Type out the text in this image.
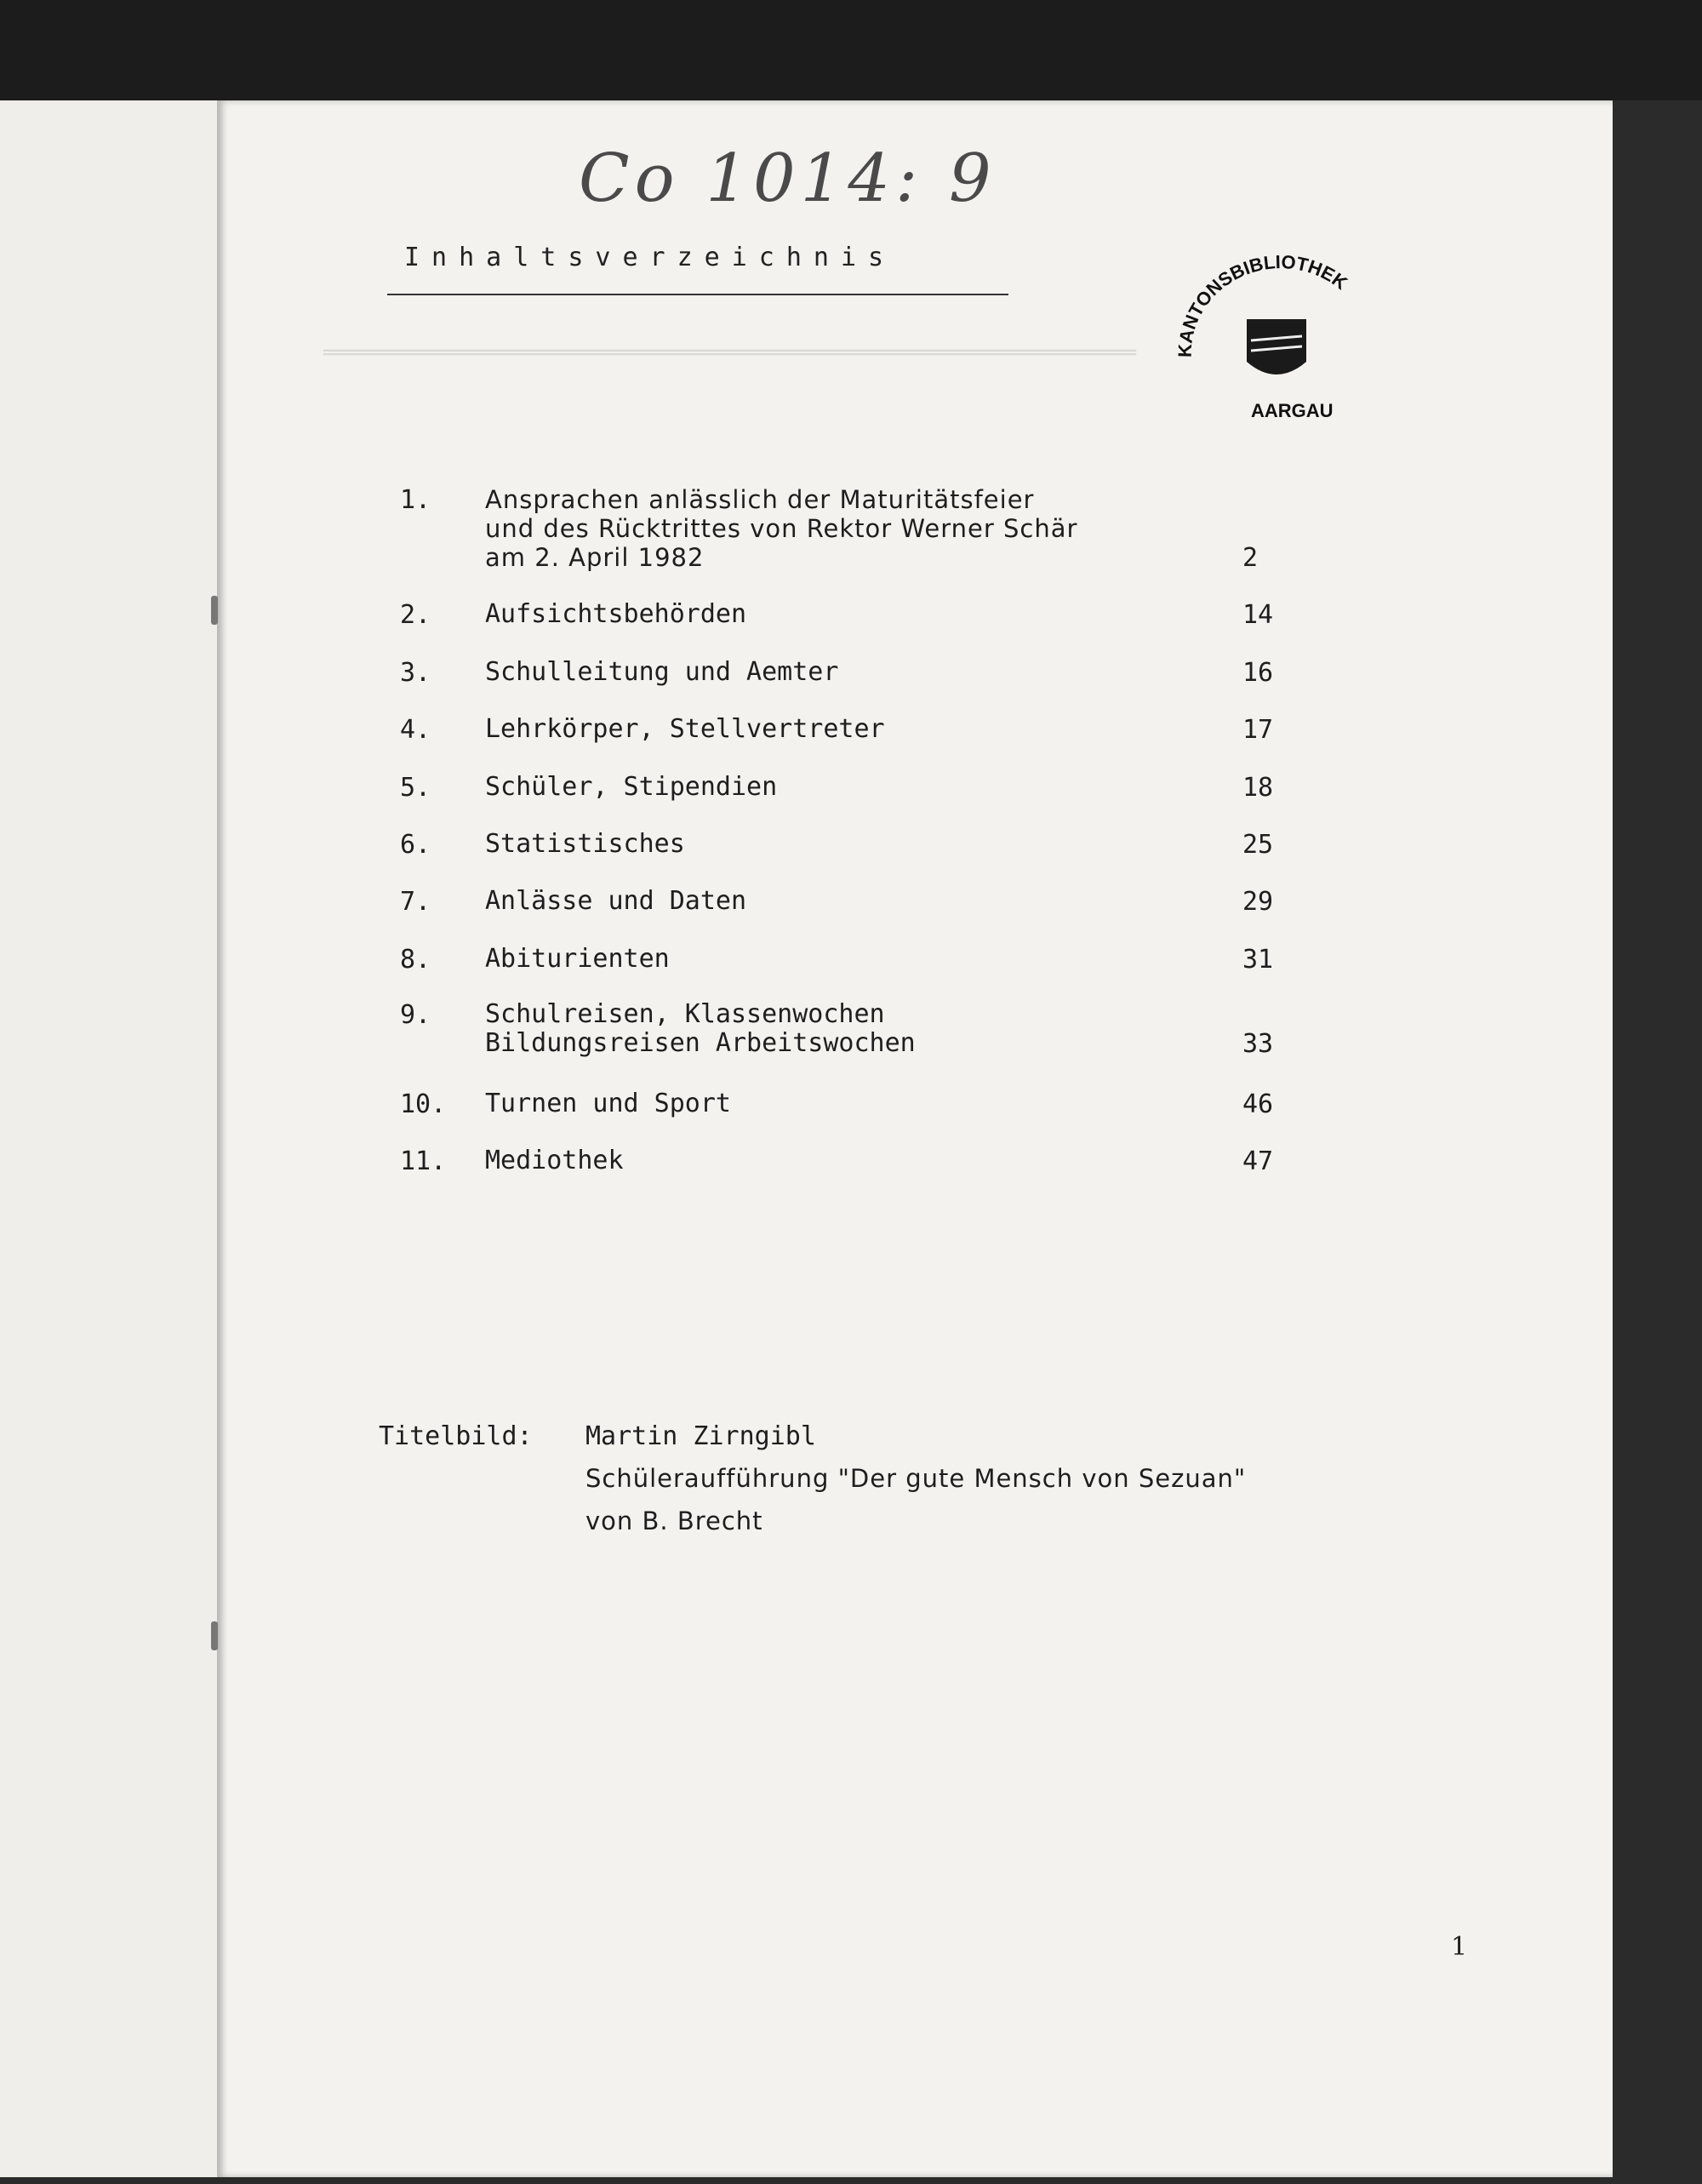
═════════════════════════════════════════════════════════════
Co 1014: 9
Inhaltsverzeichnis
KANTONSBIBLIOTHEK
AARGAU
1. Ansprachen anlässlich der Maturitätsfeier
und des Rücktrittes von Rektor Werner Schär
am 2. April 1982	2
2. Aufsichtsbehörden	14
3. Schulleitung und Aemter	16
4. Lehrkörper, Stellvertreter	17
5. Schüler, Stipendien	18
6. Statistisches	25
7. Anlässe und Daten	29
8. Abiturienten	31
9. Schulreisen, Klassenwochen
Bildungsreisen Arbeitswochen	33
10. Turnen und Sport	46
11. Mediothek	47
Titelbild: Martin Zirngibl
Schüleraufführung "Der gute Mensch von Sezuan"
von B. Brecht
1
